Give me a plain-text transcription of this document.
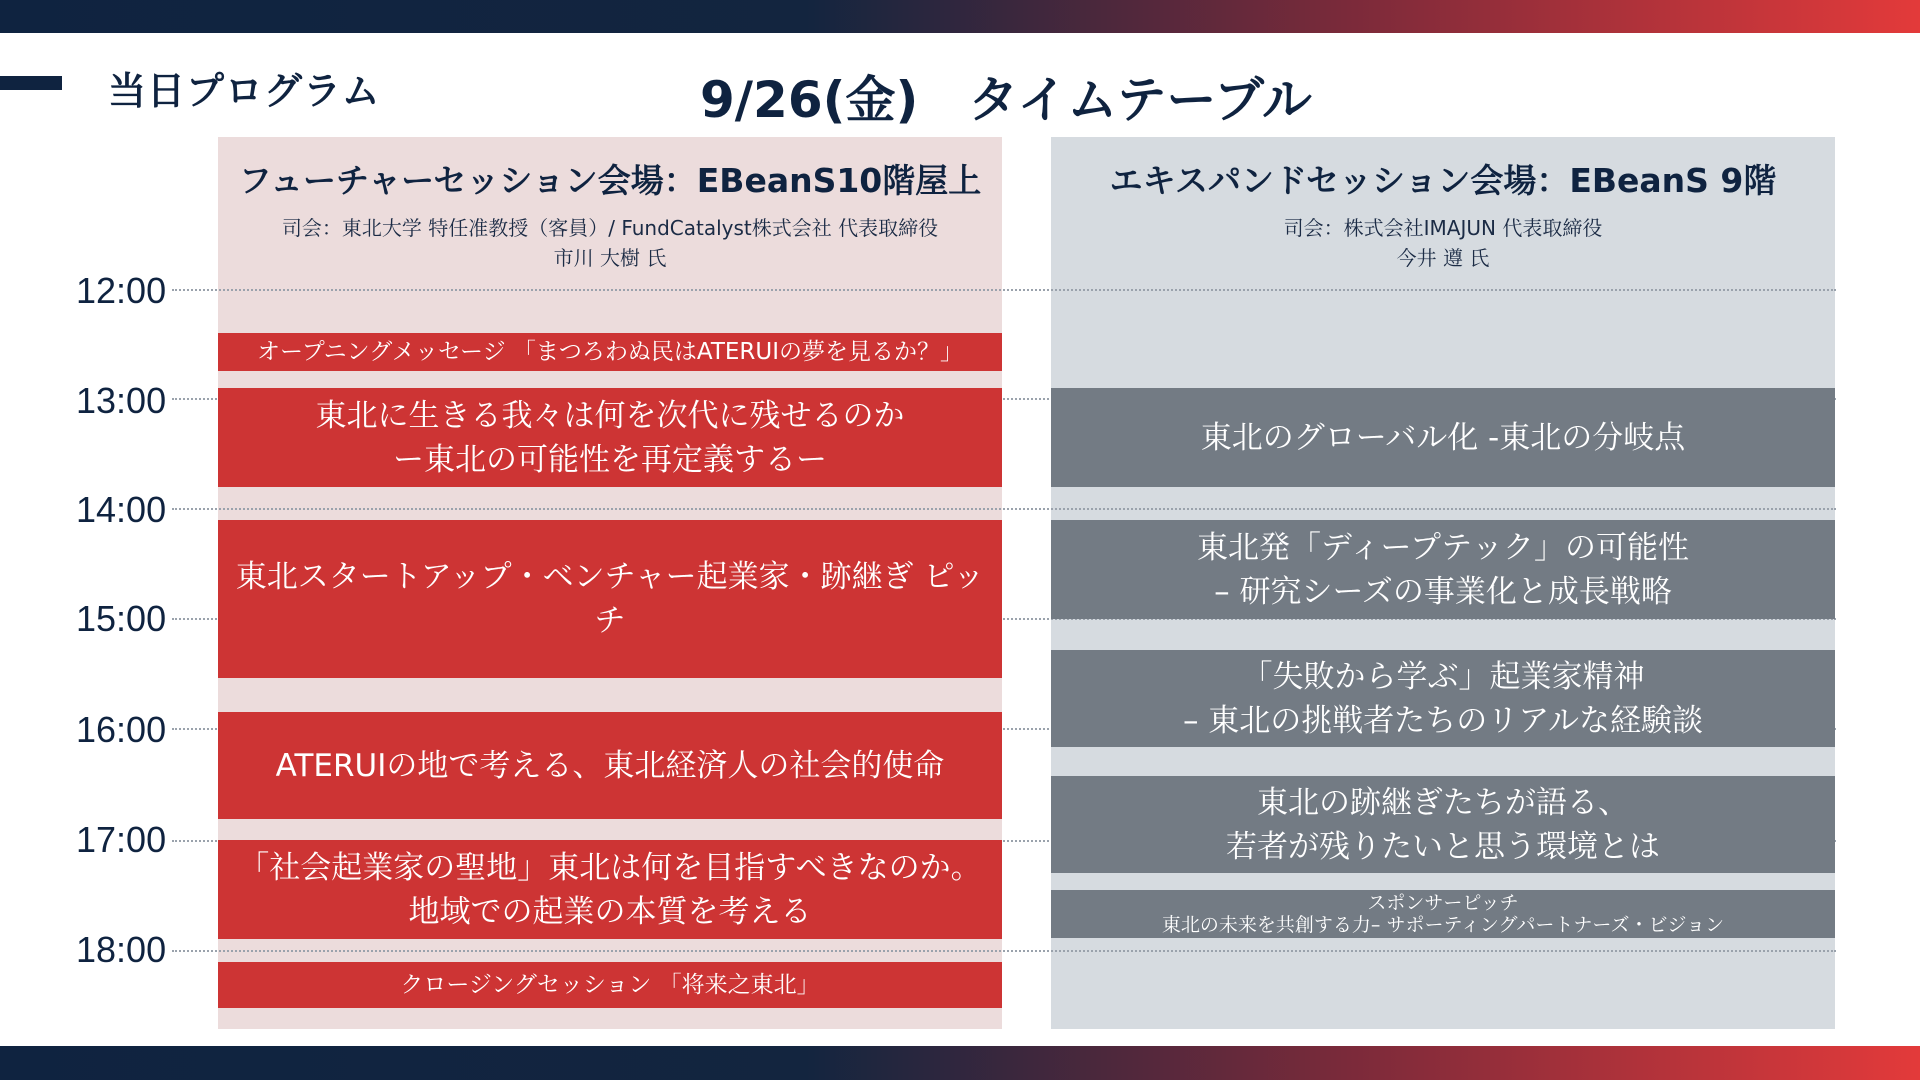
当日プログラム	9/26(金)　タイムテーブル
フューチャーセッション会場：EBeanS10階屋上
司会：東北大学 特任准教授（客員）/ FundCatalyst株式会社 代表取締役
市川 大樹 氏
エキスパンドセッション会場：EBeanS 9階
司会：株式会社IMAJUN 代表取締役
今井 遵 氏
12:00
13:00
14:00
15:00
16:00
17:00
18:00
オープニングメッセージ 「まつろわぬ民はATERUIの夢を見るか？」
東北に生きる我々は何を次代に残せるのか
ー東北の可能性を再定義するー
東北スタートアップ・ベンチャー起業家・跡継ぎ ピッチ
ATERUIの地で考える、東北経済人の社会的使命
「社会起業家の聖地」東北は何を目指すべきなのか。
地域での起業の本質を考える
クロージングセッション 「将来之東北」
東北のグローバル化 -東北の分岐点
東北発「ディープテック」の可能性
– 研究シーズの事業化と成長戦略
「失敗から学ぶ」起業家精神
– 東北の挑戦者たちのリアルな経験談
東北の跡継ぎたちが語る、
若者が残りたいと思う環境とは
スポンサーピッチ
東北の未来を共創する力– サポーティングパートナーズ・ビジョン
